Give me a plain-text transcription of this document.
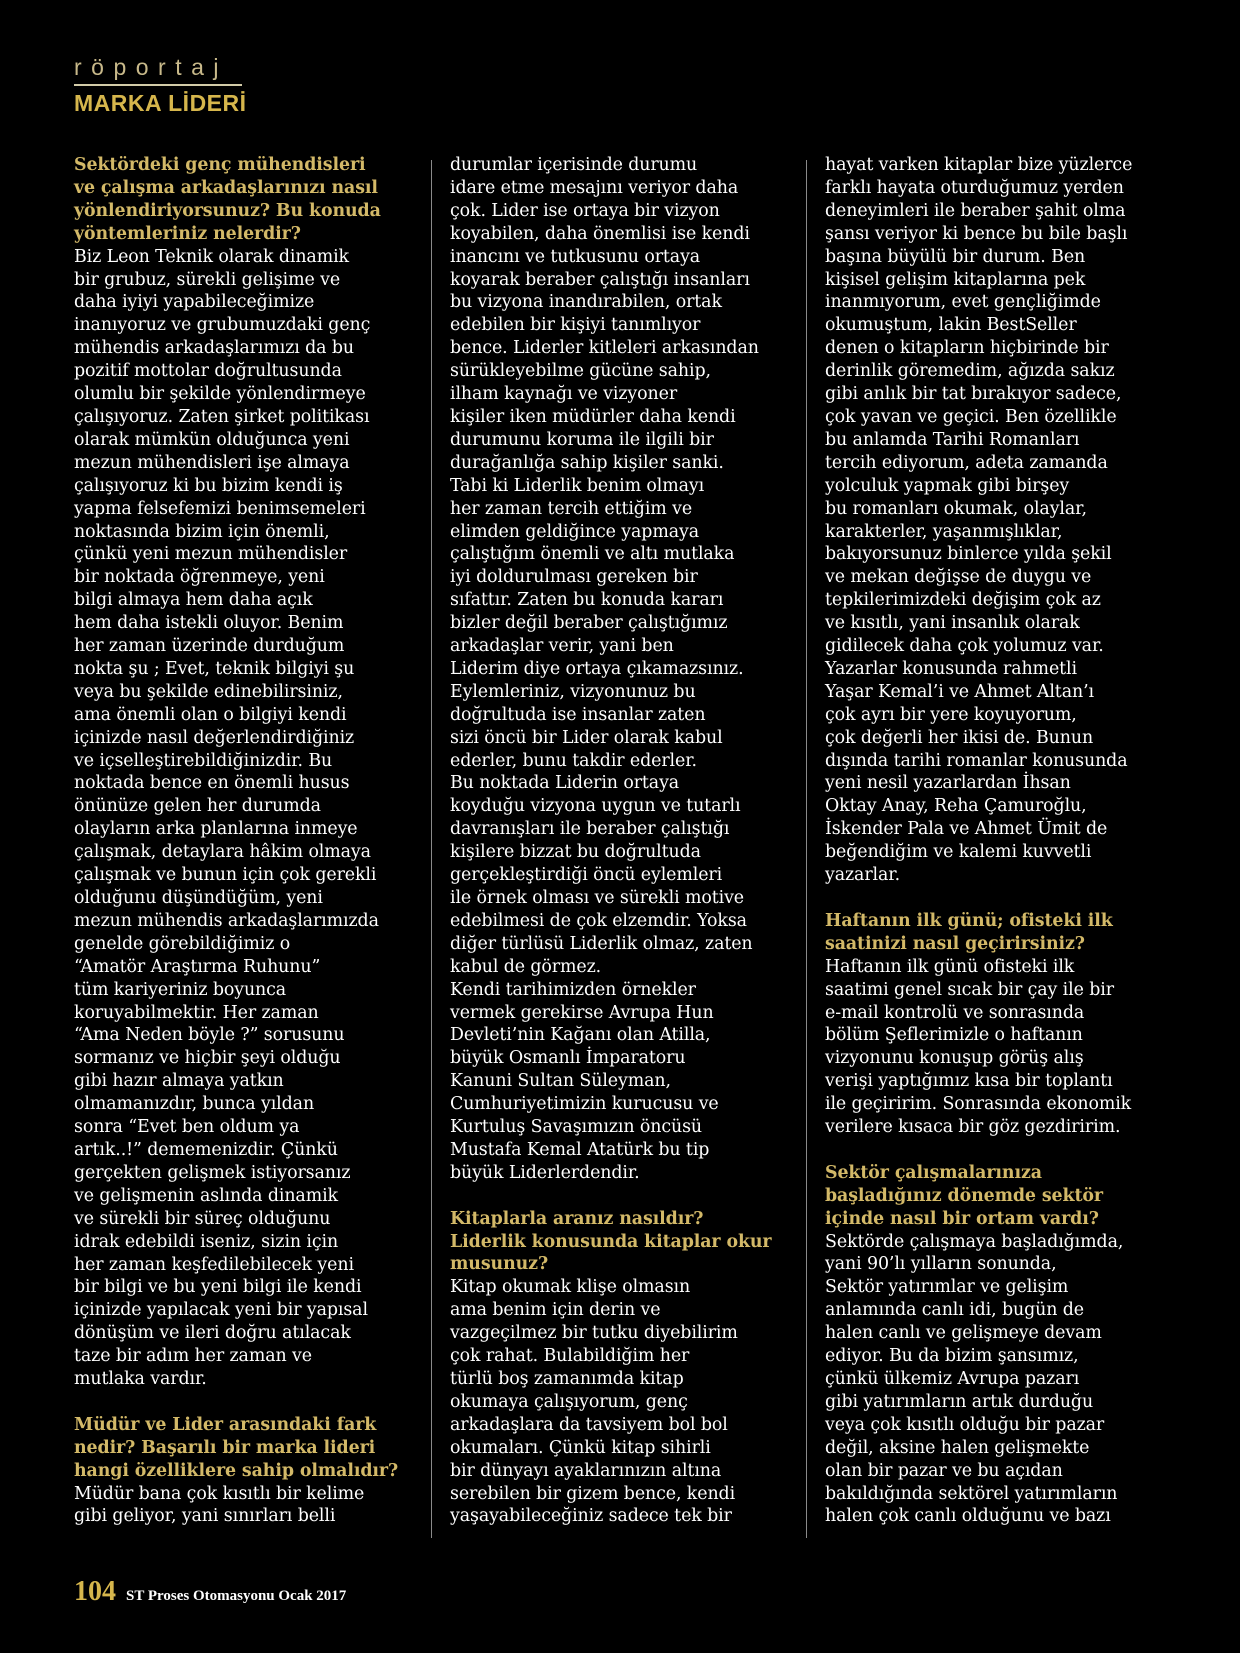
röportaj
MARKA LİDERİ
Sektördeki genç mühendisleri
ve çalışma arkadaşlarınızı nasıl
yönlendiriyorsunuz? Bu konuda
yöntemleriniz nelerdir?
Biz Leon Teknik olarak dinamik
bir grubuz, sürekli gelişime ve
daha iyiyi yapabileceğimize
inanıyoruz ve grubumuzdaki genç
mühendis arkadaşlarımızı da bu
pozitif mottolar doğrultusunda
olumlu bir şekilde yönlendirmeye
çalışıyoruz. Zaten şirket politikası
olarak mümkün olduğunca yeni
mezun mühendisleri işe almaya
çalışıyoruz ki bu bizim kendi iş
yapma felsefemizi benimsemeleri
noktasında bizim için önemli,
çünkü yeni mezun mühendisler
bir noktada öğrenmeye, yeni
bilgi almaya hem daha açık
hem daha istekli oluyor. Benim
her zaman üzerinde durduğum
nokta şu ; Evet, teknik bilgiyi şu
veya bu şekilde edinebilirsiniz,
ama önemli olan o bilgiyi kendi
içinizde nasıl değerlendirdiğiniz
ve içselleştirebildiğinizdir. Bu
noktada bence en önemli husus
önünüze gelen her durumda
olayların arka planlarına inmeye
çalışmak, detaylara hâkim olmaya
çalışmak ve bunun için çok gerekli
olduğunu düşündüğüm, yeni
mezun mühendis arkadaşlarımızda
genelde görebildiğimiz o
“Amatör Araştırma Ruhunu”
tüm kariyeriniz boyunca
koruyabilmektir. Her zaman
“Ama Neden böyle ?” sorusunu
sormanız ve hiçbir şeyi olduğu
gibi hazır almaya yatkın
olmamanızdır, bunca yıldan
sonra “Evet ben oldum ya
artık..!” dememenizdir. Çünkü
gerçekten gelişmek istiyorsanız
ve gelişmenin aslında dinamik
ve sürekli bir süreç olduğunu
idrak edebildi iseniz, sizin için
her zaman keşfedilebilecek yeni
bir bilgi ve bu yeni bilgi ile kendi
içinizde yapılacak yeni bir yapısal
dönüşüm ve ileri doğru atılacak
taze bir adım her zaman ve
mutlaka vardır.
Müdür ve Lider arasındaki fark
nedir? Başarılı bir marka lideri
hangi özelliklere sahip olmalıdır?
Müdür bana çok kısıtlı bir kelime
gibi geliyor, yani sınırları belli
durumlar içerisinde durumu
idare etme mesajını veriyor daha
çok. Lider ise ortaya bir vizyon
koyabilen, daha önemlisi ise kendi
inancını ve tutkusunu ortaya
koyarak beraber çalıştığı insanları
bu vizyona inandırabilen, ortak
edebilen bir kişiyi tanımlıyor
bence. Liderler kitleleri arkasından
sürükleyebilme gücüne sahip,
ilham kaynağı ve vizyoner
kişiler iken müdürler daha kendi
durumunu koruma ile ilgili bir
durağanlığa sahip kişiler sanki.
Tabi ki Liderlik benim olmayı
her zaman tercih ettiğim ve
elimden geldiğince yapmaya
çalıştığım önemli ve altı mutlaka
iyi doldurulması gereken bir
sıfattır. Zaten bu konuda kararı
bizler değil beraber çalıştığımız
arkadaşlar verir, yani ben
Liderim diye ortaya çıkamazsınız.
Eylemleriniz, vizyonunuz bu
doğrultuda ise insanlar zaten
sizi öncü bir Lider olarak kabul
ederler, bunu takdir ederler.
Bu noktada Liderin ortaya
koyduğu vizyona uygun ve tutarlı
davranışları ile beraber çalıştığı
kişilere bizzat bu doğrultuda
gerçekleştirdiği öncü eylemleri
ile örnek olması ve sürekli motive
edebilmesi de çok elzemdir. Yoksa
diğer türlüsü Liderlik olmaz, zaten
kabul de görmez.
Kendi tarihimizden örnekler
vermek gerekirse Avrupa Hun
Devleti’nin Kağanı olan Atilla,
büyük Osmanlı İmparatoru
Kanuni Sultan Süleyman,
Cumhuriyetimizin kurucusu ve
Kurtuluş Savaşımızın öncüsü
Mustafa Kemal Atatürk bu tip
büyük Liderlerdendir.
Kitaplarla aranız nasıldır?
Liderlik konusunda kitaplar okur
musunuz?
Kitap okumak klişe olmasın
ama benim için derin ve
vazgeçilmez bir tutku diyebilirim
çok rahat. Bulabildiğim her
türlü boş zamanımda kitap
okumaya çalışıyorum, genç
arkadaşlara da tavsiyem bol bol
okumaları. Çünkü kitap sihirli
bir dünyayı ayaklarınızın altına
serebilen bir gizem bence, kendi
yaşayabileceğiniz sadece tek bir
hayat varken kitaplar bize yüzlerce
farklı hayata oturduğumuz yerden
deneyimleri ile beraber şahit olma
şansı veriyor ki bence bu bile başlı
başına büyülü bir durum. Ben
kişisel gelişim kitaplarına pek
inanmıyorum, evet gençliğimde
okumuştum, lakin BestSeller
denen o kitapların hiçbirinde bir
derinlik göremedim, ağızda sakız
gibi anlık bir tat bırakıyor sadece,
çok yavan ve geçici. Ben özellikle
bu anlamda Tarihi Romanları
tercih ediyorum, adeta zamanda
yolculuk yapmak gibi birşey
bu romanları okumak, olaylar,
karakterler, yaşanmışlıklar,
bakıyorsunuz binlerce yılda şekil
ve mekan değişse de duygu ve
tepkilerimizdeki değişim çok az
ve kısıtlı, yani insanlık olarak
gidilecek daha çok yolumuz var.
Yazarlar konusunda rahmetli
Yaşar Kemal’i ve Ahmet Altan’ı
çok ayrı bir yere koyuyorum,
çok değerli her ikisi de. Bunun
dışında tarihi romanlar konusunda
yeni nesil yazarlardan İhsan
Oktay Anay, Reha Çamuroğlu,
İskender Pala ve Ahmet Ümit de
beğendiğim ve kalemi kuvvetli
yazarlar.
Haftanın ilk günü; ofisteki ilk
saatinizi nasıl geçirirsiniz?
Haftanın ilk günü ofisteki ilk
saatimi genel sıcak bir çay ile bir
e-mail kontrolü ve sonrasında
bölüm Şeflerimizle o haftanın
vizyonunu konuşup görüş alış
verişi yaptığımız kısa bir toplantı
ile geçiririm. Sonrasında ekonomik
verilere kısaca bir göz gezdiririm.
Sektör çalışmalarınıza
başladığınız dönemde sektör
içinde nasıl bir ortam vardı?
Sektörde çalışmaya başladığımda,
yani 90’lı yılların sonunda,
Sektör yatırımlar ve gelişim
anlamında canlı idi, bugün de
halen canlı ve gelişmeye devam
ediyor. Bu da bizim şansımız,
çünkü ülkemiz Avrupa pazarı
gibi yatırımların artık durduğu
veya çok kısıtlı olduğu bir pazar
değil, aksine halen gelişmekte
olan bir pazar ve bu açıdan
bakıldığında sektörel yatırımların
halen çok canlı olduğunu ve bazı
104 ST Proses Otomasyonu Ocak 2017
